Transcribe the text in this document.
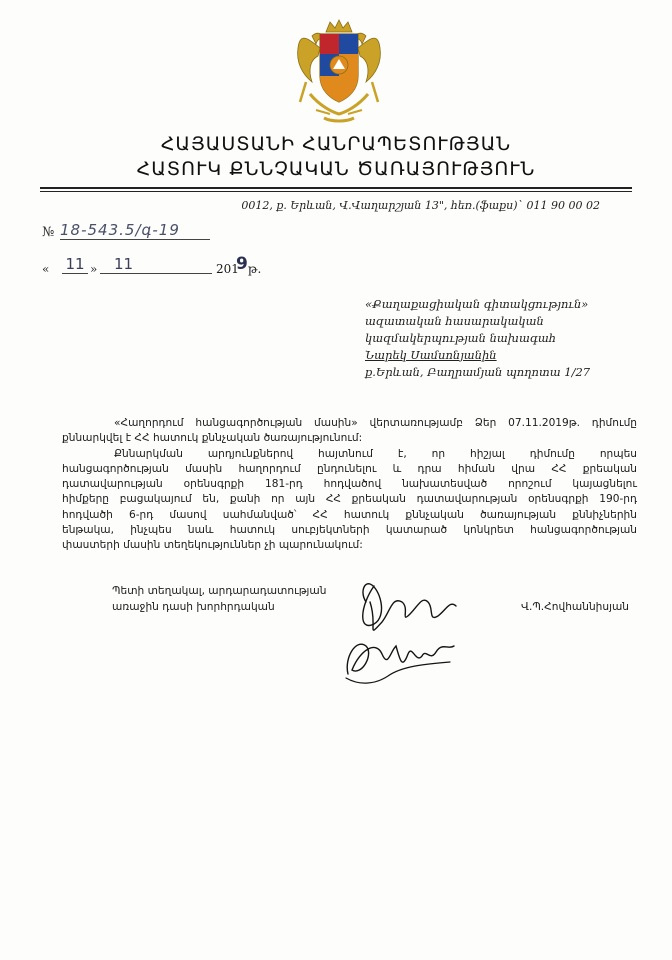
ՀԱՅԱՍՏԱՆԻ ՀԱՆՐԱՊԵՏՈՒԹՅԱՆ
ՀԱՏՈՒԿ ՔՆՆՉԱԿԱՆ ԾԱՌԱՅՈՒԹՅՈՒՆ
0012, ք. Երևան, Վ.Վաղարշյան 13", հեռ.(ֆաքս)` 011 90 00 02
№ 18-543.5/գ-19
« 11 »	11	201
9 թ.
«Քաղաքացիական գիտակցություն»
ազատական հասարակական
կազմակերպության նախագահ
Նարեկ Սամսոնյանին
ք.Երևան, Բաղրամյան պողոտա 1/27
«Հաղորդում հանցագործության մասին» վերտառությամբ Ձեր 07.11.2019թ. դիմումը
քննարկվել է ՀՀ հատուկ քննչական ծառայությունում:
Քննարկման արդյունքներով հայտնում է, որ հիշյալ դիմումը որպես
հանցագործության մասին հաղորդում ընդունելու և դրա հիման վրա ՀՀ քրեական
դատավարության օրենսգրքի 181-րդ հոդվածով նախատեսված որոշում կայացնելու
հիմքերը բացակայում են, քանի որ այն ՀՀ քրեական դատավարության օրենսգրքի 190-րդ
հոդվածի 6-րդ մասով սահմանված՝ ՀՀ հատուկ քննչական ծառայության քննիչներին
ենթակա, ինչպես նաև հատուկ սուբյեկտների կատարած կոնկրետ հանցագործության
փաստերի մասին տեղեկություններ չի պարունակում:
Պետի տեղակալ, արդարադատության
առաջին դասի խորհրդական	Վ.Պ.Հովհաննիսյան
